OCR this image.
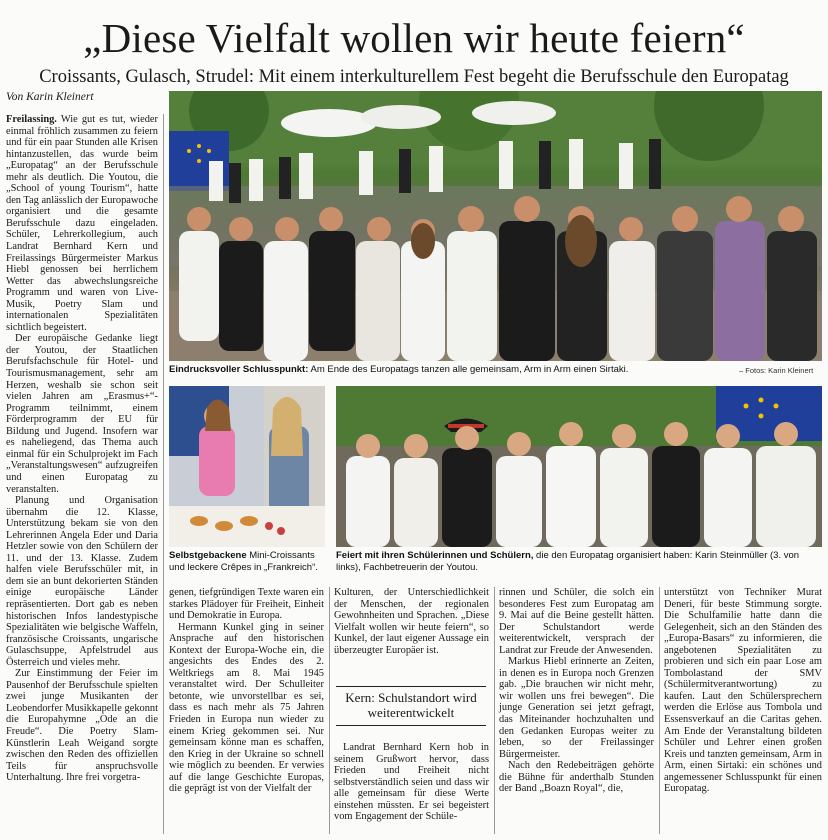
„Diese Vielfalt wollen wir heute feiern“
Croissants, Gulasch, Strudel: Mit einem interkulturellem Fest begeht die Berufsschule den Europatag
Von Karin Kleinert
Eindrucksvoller Schlusspunkt: Am Ende des Europatags tanzen alle gemeinsam, Arm in Arm einen Sirtaki.	– Fotos: Karin Kleinert
Selbstgebackene Mini-Croissants und leckere Crêpes in „Frankreich“.
Feiert mit ihren Schülerinnen und Schülern, die den Europatag organisiert haben: Karin Steinmüller (3. von links), Fachbetreuerin der Youtou.

Freilassing. Wie gut es tut, wieder einmal fröhlich zusammen zu feiern und für ein paar Stunden alle Krisen hintanzustellen, das wurde beim „Europatag“ an der Berufsschule mehr als deutlich. Die Youtou, die „School of young Tourism“, hatte den Tag anlässlich der Europawoche organisiert und die gesamte Berufsschule dazu eingeladen. Schüler, Lehrerkollegium, auch Landrat Bernhard Kern und Freilassings Bürgermeister Markus Hiebl genossen bei herrlichem Wetter das abwechslungsreiche Programm und waren von Live-Musik, Poetry Slam und internationalen Spezialitäten sichtlich begeistert.

Der europäische Gedanke liegt der Youtou, der Staatlichen Berufsfachschule für Hotel- und Tourismusmanagement, sehr am Herzen, weshalb sie schon seit vielen Jahren am „Erasmus+“-Programm teilnimmt, einem Förderprogramm der EU für Bildung und Jugend. Insofern war es naheliegend, das Thema auch einmal für ein Schulprojekt im Fach „Veranstaltungswesen“ aufzugreifen und einen Europatag zu veranstalten.

Planung und Organisation übernahm die 12. Klasse, Unterstützung bekam sie von den Lehrerinnen Angela Eder und Daria Hetzler sowie von den Schülern der 11. und der 13. Klasse. Zudem halfen viele Berufsschüler mit, in dem sie an bunt dekorierten Ständen einige europäische Länder repräsentierten. Dort gab es neben historischen Infos landestypische Spezialitäten wie belgische Waffeln, französische Croissants, ungarische Gulaschsuppe, Apfelstrudel aus Österreich und vieles mehr.

Zur Einstimmung der Feier im Pausenhof der Berufsschule spielten zwei junge Musikanten der Leobendorfer Musikkapelle gekonnt die Europahymne „Ode an die Freude“. Die Poetry Slam-Künstlerin Leah Weigand sorgte zwischen den Reden des offiziellen Teils für anspruchsvolle Unterhaltung. Ihre frei vorgetra-

genen, tiefgründigen Texte waren ein starkes Plädoyer für Freiheit, Einheit und Demokratie in Europa.

Hermann Kunkel ging in seiner Ansprache auf den historischen Kontext der Europa-Woche ein, die angesichts des Endes des 2. Weltkriegs am 8. Mai 1945 veranstaltet wird. Der Schulleiter betonte, wie unvorstellbar es sei, dass es nach mehr als 75 Jahren Frieden in Europa nun wieder zu einem Krieg gekommen sei. Nur gemeinsam könne man es schaffen, den Krieg in der Ukraine so schnell wie möglich zu beenden. Er verwies auf die lange Geschichte Europas, die geprägt ist von der Vielfalt der

Kulturen, der Unterschiedlichkeit der Menschen, der regionalen Gewohnheiten und Sprachen. „Diese Vielfalt wollen wir heute feiern“, so Kunkel, der laut eigener Aussage ein überzeugter Europäer ist.

Kern: Schulstandort wird weiterentwickelt

Landrat Bernhard Kern hob in seinem Grußwort hervor, dass Frieden und Freiheit nicht selbstverständlich seien und dass wir alle gemeinsam für diese Werte einstehen müssten. Er sei begeistert vom Engagement der Schüle-

rinnen und Schüler, die solch ein besonderes Fest zum Europatag am 9. Mai auf die Beine gestellt hätten. Der Schulstandort werde weiterentwickelt, versprach der Landrat zur Freude der Anwesenden.

Markus Hiebl erinnerte an Zeiten, in denen es in Europa noch Grenzen gab. „Die brauchen wir nicht mehr, wir wollen uns frei bewegen“. Die junge Generation sei jetzt gefragt, das Miteinander hochzuhalten und den Gedanken Europas weiter zu leben, so der Freilassinger Bürgermeister.

Nach den Redebeiträgen gehörte die Bühne für anderthalb Stunden der Band „Boazn Royal“, die,

unterstützt von Techniker Murat Deneri, für beste Stimmung sorgte. Die Schulfamilie hatte dann die Gelegenheit, sich an den Ständen des „Europa-Basars“ zu informieren, die angebotenen Spezialitäten zu probieren und sich ein paar Lose am Tombolastand der SMV (Schülermitverantwortung) zu kaufen. Laut den Schülersprechern werden die Erlöse aus Tombola und Essensverkauf an die Caritas gehen. Am Ende der Veranstaltung bildeten Schüler und Lehrer einen großen Kreis und tanzten gemeinsam, Arm in Arm, einen Sirtaki: ein schönes und angemessener Schlusspunkt für einen Europatag.
